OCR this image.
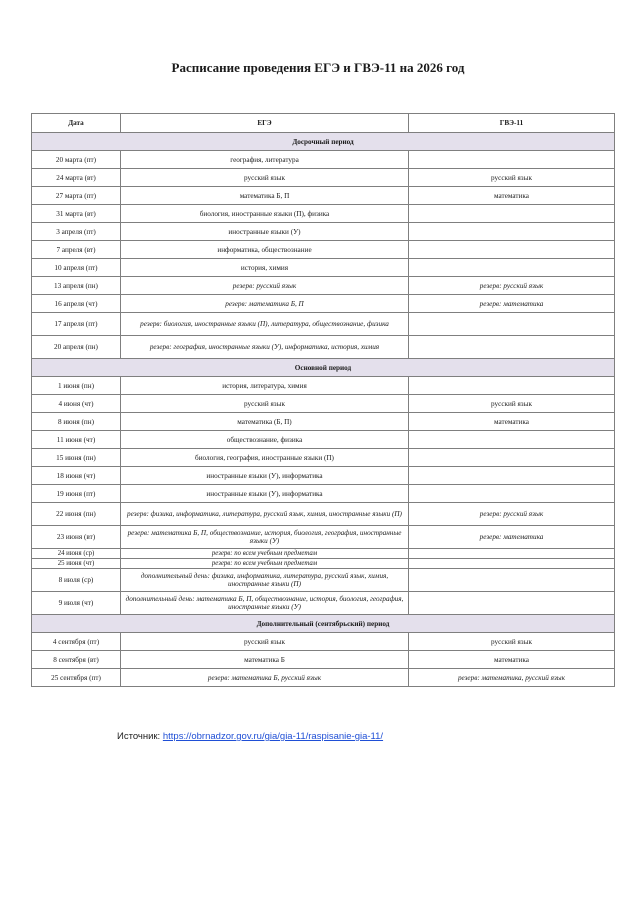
Расписание проведения ЕГЭ и ГВЭ-11 на 2026 год
Дата	ЕГЭ	ГВЭ-11
Досрочный период		
20 марта (пт)	география, литература	
24 марта (вт)	русский язык	русский язык
27 марта (пт)	математика Б, П	математика
31 марта (вт)	биология, иностранные языки (П), физика	
3 апреля (пт)	иностранные языки (У)	
7 апреля (вт)	информатика, обществознание	
10 апреля (пт)	история, химия	
13 апреля (пн)	резерв: русский язык	резерв: русский язык
16 апреля (чт)	резерв: математика Б, П	резерв: математика
17 апреля (пт)	резерв: биология, иностранные языки (П), литература, обществознание, физика	
20 апреля (пн)	резерв: география, иностранные языки (У), информатика, история, химия	
Основной период		
1 июня (пн)	история, литература, химия	
4 июня (чт)	русский язык	русский язык
8 июня (пн)	математика (Б, П)	математика
11 июня (чт)	обществознание, физика	
15 июня (пн)	биология, география, иностранные языки (П)	
18 июня (чт)	иностранные языки (У), информатика	
19 июня (пт)	иностранные языки (У), информатика	
22 июня (пн)	резерв: физика, информатика, литература, русский язык, химия, иностранные языки (П)	резерв: русский язык
23 июня (вт)	резерв: математика Б, П, обществознание, история, биология, география, иностранные языки (У)	резерв: математика
24 июня (ср)	резерв: по всем учебным предметам	
25 июня (чт)	резерв: по всем учебным предметам	
8 июля (ср)	дополнительный день: физика, информатика, литература, русский язык, химия, иностранные языки (П)	
9 июля (чт)	дополнительный день: математика Б, П, обществознание, история, биология, география, иностранные языки (У)	
Дополнительный (сентябрьский) период		
4 сентября (пт)	русский язык	русский язык
8 сентября (вт)	математика Б	математика
25 сентября (пт)	резерв: математика Б, русский язык	резерв: математика, русский язык
Источник: https://obrnadzor.gov.ru/gia/gia-11/raspisanie-gia-11/
